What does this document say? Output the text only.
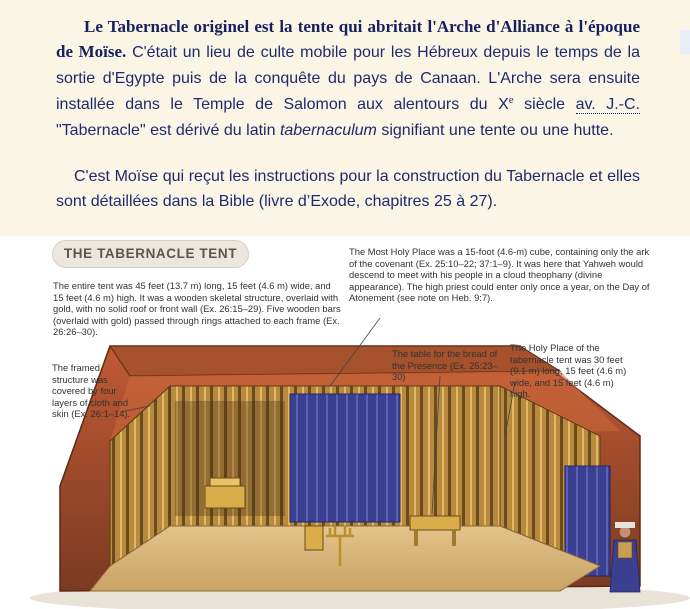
Le Tabernacle originel est la tente qui abritait l'Arche d'Alliance à l'époque de Moïse. C'était un lieu de culte mobile pour les Hébreux depuis le temps de la sortie d'Egypte puis de la conquête du pays de Canaan. L'Arche sera ensuite installée dans le Temple de Salomon aux alentours du Xe siècle av. J.-C. "Tabernacle" est dérivé du latin tabernaculum signifiant une tente ou une hutte.

C'est Moïse qui reçut les instructions pour la construction du Tabernacle et elles sont détaillées dans la Bible (livre d’Exode, chapitres 25 à 27).

THE TABERNACLE TENT
The entire tent was 45 feet (13.7 m) long, 15 feet (4.6 m) wide, and 15 feet (4.6 m) high. It was a wooden skeletal structure, overlaid with gold, with no solid roof or front wall (Ex. 26:15–29). Five wooden bars (overlaid with gold) passed through rings attached to each frame (Ex. 26:26–30).
The framed structure was covered by four layers of cloth and skin (Ex. 26:1–14).
The Most Holy Place was a 15-foot (4.6-m) cube, containing only the ark of the covenant (Ex. 25:10–22; 37:1–9). It was here that Yahweh would descend to meet with his people in a cloud theophany (divine appearance). The high priest could enter only once a year, on the Day of Atonement (see note on Heb. 9:7).
The table for the bread of the Presence (Ex. 25:23–30)
The Holy Place of the tabernacle tent was 30 feet (9.1 m) long, 15 feet (4.6 m) wide, and 15 feet (4.6 m) high.
